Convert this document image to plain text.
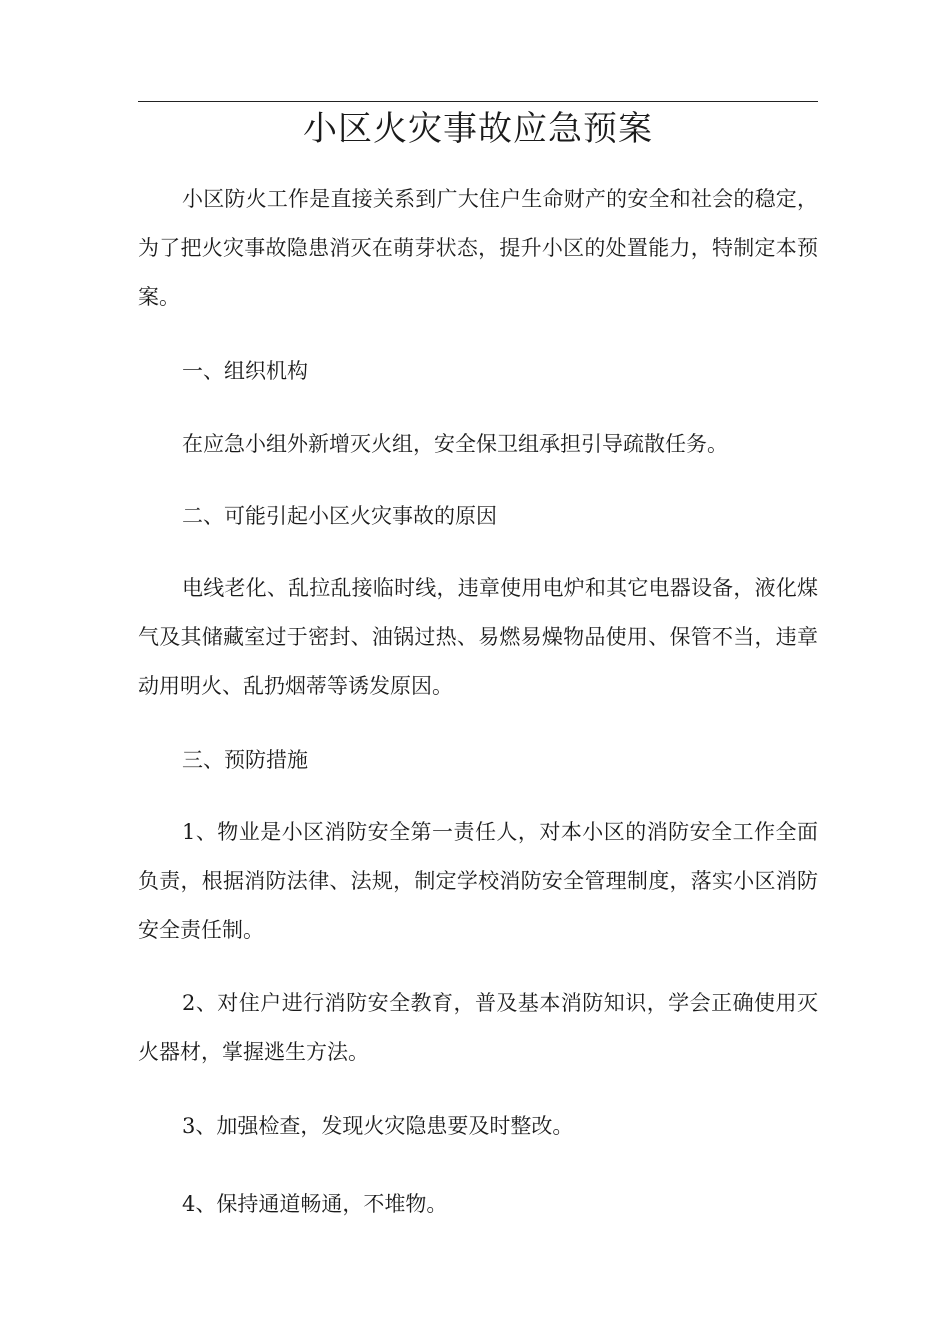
小区火灾事故应急预案

小区防火工作是直接关系到广大住户生命财产的安全和社会的稳定，为了把火灾事故隐患消灭在萌芽状态，提升小区的处置能力，特制定本预案。

一、组织机构

在应急小组外新增灭火组，安全保卫组承担引导疏散任务。

二、可能引起小区火灾事故的原因

电线老化、乱拉乱接临时线，违章使用电炉和其它电器设备，液化煤气及其储藏室过于密封、油锅过热、易燃易燥物品使用、保管不当，违章动用明火、乱扔烟蒂等诱发原因。

三、预防措施

1、物业是小区消防安全第一责任人，对本小区的消防安全工作全面负责，根据消防法律、法规，制定学校消防安全管理制度，落实小区消防安全责任制。

2、对住户进行消防安全教育，普及基本消防知识，学会正确使用灭火器材，掌握逃生方法。

3、加强检查，发现火灾隐患要及时整改。

4、保持通道畅通，不堆物。
